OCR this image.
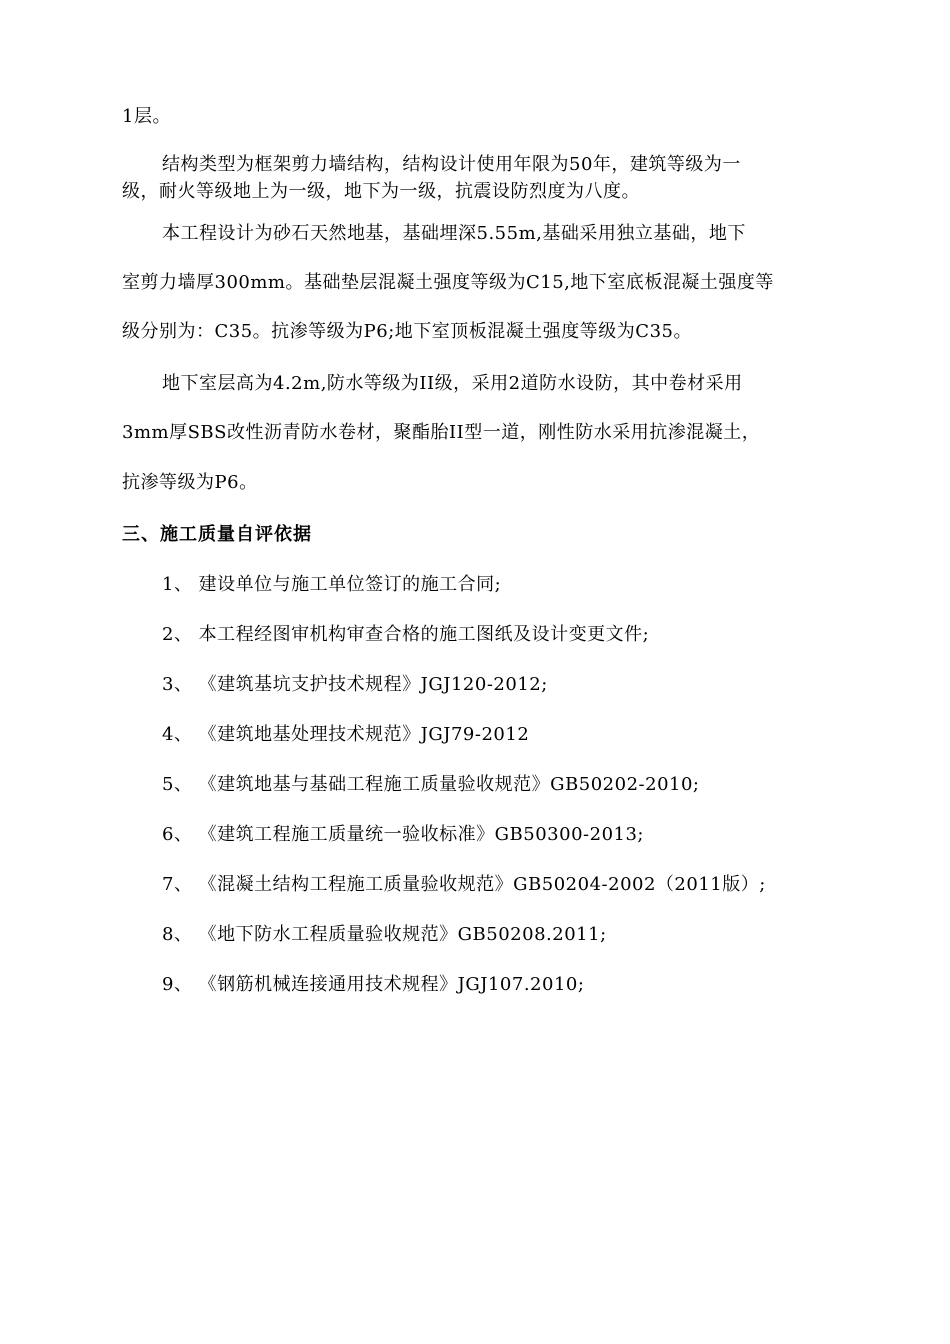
1层。
结构类型为框架剪力墙结构，结构设计使用年限为50年，建筑等级为一
级，耐火等级地上为一级，地下为一级，抗震设防烈度为八度。
本工程设计为砂石天然地基，基础埋深5.55m,基础采用独立基础，地下
室剪力墙厚300mm。基础垫层混凝土强度等级为C15,地下室底板混凝土强度等
级分别为：C35。抗渗等级为P6;地下室顶板混凝土强度等级为C35。
地下室层高为4.2m,防水等级为II级，采用2道防水设防，其中卷材采用
3mm厚SBS改性沥青防水卷材，聚酯胎II型一道，刚性防水采用抗渗混凝土，
抗渗等级为P6。
三、施工质量自评依据
1、 建设单位与施工单位签订的施工合同;
2、 本工程经图审机构审查合格的施工图纸及设计变更文件;
3、 《建筑基坑支护技术规程》JGJ120-2012;
4、 《建筑地基处理技术规范》JGJ79-2012
5、 《建筑地基与基础工程施工质量验收规范》GB50202-2010;
6、 《建筑工程施工质量统一验收标准》GB50300-2013;
7、 《混凝土结构工程施工质量验收规范》GB50204-2002（2011版）;
8、 《地下防水工程质量验收规范》GB50208.2011;
9、 《钢筋机械连接通用技术规程》JGJ107.2010;
